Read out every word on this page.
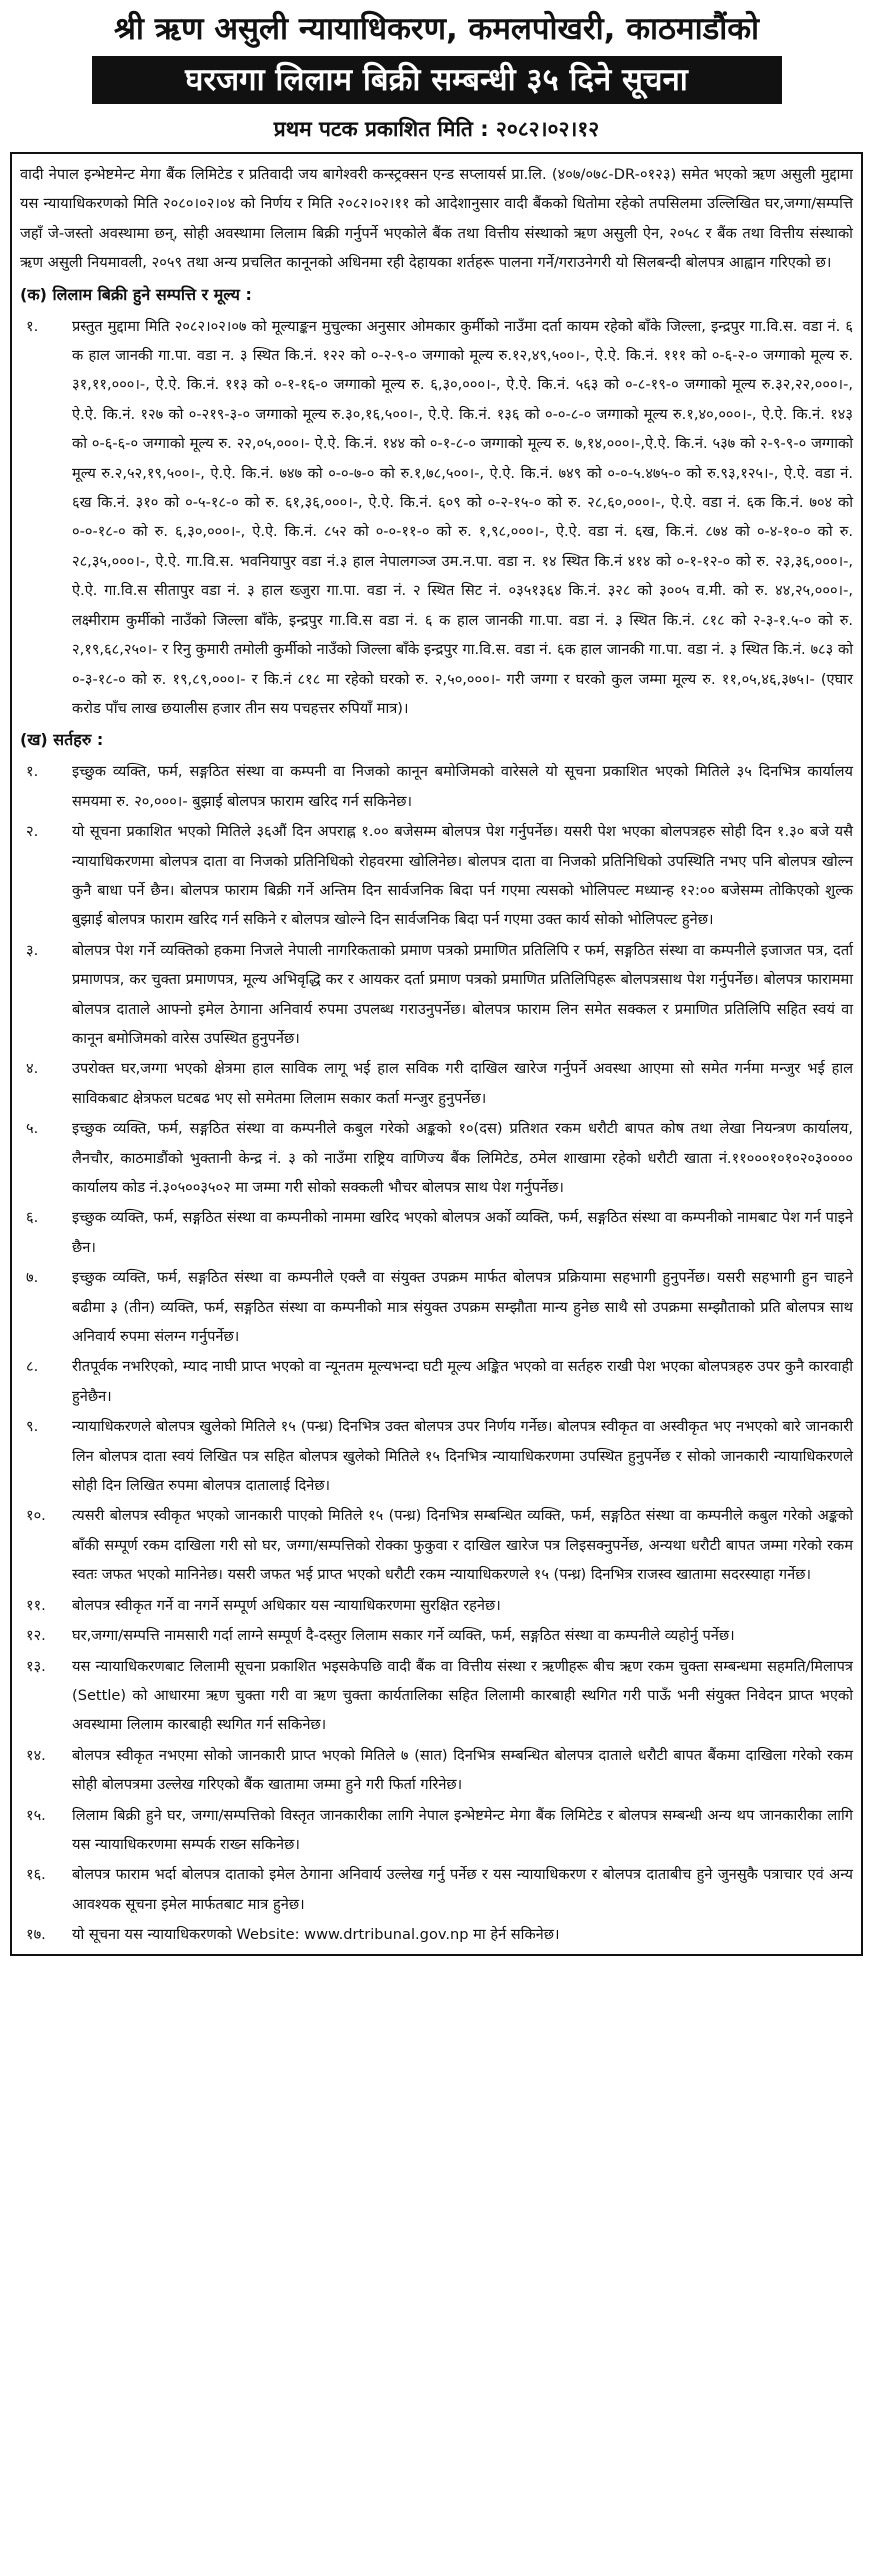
श्री ऋण असुली न्यायाधिकरण, कमलपोखरी, काठमाडौंको
घरजगा लिलाम बिक्री सम्बन्धी ३५ दिने सूचना
प्रथम पटक प्रकाशित मिति : २०८२।०२।१२
वादी नेपाल इन्भेष्टमेन्ट मेगा बैंक लिमिटेड र प्रतिवादी जय बागेश्वरी कन्स्ट्रक्सन एन्ड सप्लायर्स प्रा.लि. (४०७/०७८-DR-०१२३) समेत भएको ऋण असुली मुद्दामा यस न्यायाधिकरणको मिति २०८०।०२।०४ को निर्णय र मिति २०८२।०२।११ को आदेशानुसार वादी बैंकको धितोमा रहेको तपसिलमा उल्लिखित घर,जग्गा/सम्पत्ति जहाँ जे-जस्तो अवस्थामा छन्, सोही अवस्थामा लिलाम बिक्री गर्नुपर्ने भएकोले बैंक तथा वित्तीय संस्थाको ऋण असुली ऐन, २०५८ र बैंक तथा वित्तीय संस्थाको ऋण असुली नियमावली, २०५९ तथा अन्य प्रचलित कानूनको अधिनमा रही देहायका शर्तहरू पालना गर्ने/गराउनेगरी यो सिलबन्दी बोलपत्र आह्वान गरिएको छ।
(क) लिलाम बिक्री हुने सम्पत्ति र मूल्य :
१.	प्रस्तुत मुद्दामा मिति २०८२।०२।०७ को मूल्याङ्कन मुचुल्का अनुसार ओमकार कुर्मीको नाउँमा दर्ता कायम रहेको बाँके जिल्ला, इन्द्रपुर गा.वि.स. वडा नं. ६ क हाल जानकी गा.पा. वडा न. ३ स्थित कि.नं. १२२ को ०-२-९-० जग्गाको मूल्य रु.१२,४९,५००।-, ऐ.ऐ. कि.नं. १११ को ०-६-२-० जग्गाको मूल्य रु. ३१,११,०००।-, ऐ.ऐ. कि.नं. ११३ को ०-१-१६-० जग्गाको मूल्य रु. ६,३०,०००।-, ऐ.ऐ. कि.नं. ५६३ को ०-८-१९-० जग्गाको मूल्य रु.३२,२२,०००।-, ऐ.ऐ. कि.नं. १२७ को ०-२१९-३-० जग्गाको मूल्य रु.३०,१६,५००।-, ऐ.ऐ. कि.नं. १३६ को ०-०-८-० जग्गाको मूल्य रु.१,४०,०००।-, ऐ.ऐ. कि.नं. १४३ को ०-६-६-० जग्गाको मूल्य रु. २२,०५,०००।- ऐ.ऐ. कि.नं. १४४ को ०-१-८-० जग्गाको मूल्य रु. ७,१४,०००।-,ऐ.ऐ. कि.नं. ५३७ को २-९-९-० जग्गाको मूल्य रु.२,५२,१९,५००।-, ऐ.ऐ. कि.नं. ७४७ को ०-०-७-० को रु.१,७८,५००।-, ऐ.ऐ. कि.नं. ७४९ को ०-०-५.४७५-० को रु.९३,१२५।-, ऐ.ऐ. वडा नं. ६ख कि.नं. ३१० को ०-५-१८-० को रु. ६१,३६,०००।-, ऐ.ऐ. कि.नं. ६०९ को ०-२-१५-० को रु. २८,६०,०००।-, ऐ.ऐ. वडा नं. ६क कि.नं. ७०४ को ०-०-१८-० को रु. ६,३०,०००।-, ऐ.ऐ. कि.नं. ८५२ को ०-०-११-० को रु. १,९८,०००।-, ऐ.ऐ. वडा नं. ६ख, कि.नं. ८७४ को ०-४-१०-० को रु. २८,३५,०००।-, ऐ.ऐ. गा.वि.स. भवनियापुर वडा नं.३ हाल नेपालगञ्ज उम.न.पा. वडा न. १४ स्थित कि.नं ४१४ को ०-१-१२-० को रु. २३,३६,०००।-, ऐ.ऐ. गा.वि.स सीतापुर वडा नं. ३ हाल ख्जुरा गा.पा. वडा नं. २ स्थित सिट नं. ०३५१३६४ कि.नं. ३२८ को ३००५ व.मी. को रु. ४४,२५,०००।-, लक्ष्मीराम कुर्मीको नाउँको जिल्ला बाँके, इन्द्रपुर गा.वि.स वडा नं. ६ क हाल जानकी गा.पा. वडा नं. ३ स्थित कि.नं. ८१८ को २-३-१.५-० को रु. २,१९,६८,२५०।- र रिनु कुमारी तमोली कुर्मीको नाउँको जिल्ला बाँके इन्द्रपुर गा.वि.स. वडा नं. ६क हाल जानकी गा.पा. वडा नं. ३ स्थित कि.नं. ७८३ को ०-३-१८-० को रु. १९,८९,०००।- र कि.नं ८१८ मा रहेको घरको रु. २,५०,०००।- गरी जग्गा र घरको कुल जम्मा मूल्य रु. ११,०५,४६,३७५।- (एघार करोड पाँच लाख छयालीस हजार तीन सय पचहत्तर रुपियाँ मात्र)।
(ख) सर्तहरु :
१.	इच्छुक व्यक्ति, फर्म, सङ्गठित संस्था वा कम्पनी वा निजको कानून बमोजिमको वारेसले यो सूचना प्रकाशित भएको मितिले ३५ दिनभित्र कार्यालय समयमा रु. २०,०००।- बुझाई बोलपत्र फाराम खरिद गर्न सकिनेछ।
२.	यो सूचना प्रकाशित भएको मितिले ३६औं दिन अपराह्न १.०० बजेसम्म बोलपत्र पेश गर्नुपर्नेछ। यसरी पेश भएका बोलपत्रहरु सोही दिन १.३० बजे यसै न्यायाधिकरणमा बोलपत्र दाता वा निजको प्रतिनिधिको रोहवरमा खोलिनेछ। बोलपत्र दाता वा निजको प्रतिनिधिको उपस्थिति नभए पनि बोलपत्र खोल्न कुनै बाधा पर्ने छैन। बोलपत्र फाराम बिक्री गर्ने अन्तिम दिन सार्वजनिक बिदा पर्न गएमा त्यसको भोलिपल्ट मध्यान्ह १२:०० बजेसम्म तोकिएको शुल्क बुझाई बोलपत्र फाराम खरिद गर्न सकिने र बोलपत्र खोल्ने दिन सार्वजनिक बिदा पर्न गएमा उक्त कार्य सोको भोलिपल्ट हुनेछ।
३.	बोलपत्र पेश गर्ने व्यक्तिको हकमा निजले नेपाली नागरिकताको प्रमाण पत्रको प्रमाणित प्रतिलिपि र फर्म, सङ्गठित संस्था वा कम्पनीले इजाजत पत्र, दर्ता प्रमाणपत्र, कर चुक्ता प्रमाणपत्र, मूल्य अभिवृद्धि कर र आयकर दर्ता प्रमाण पत्रको प्रमाणित प्रतिलिपिहरू बोलपत्रसाथ पेश गर्नुपर्नेछ। बोलपत्र फाराममा बोलपत्र दाताले आफ्नो इमेल ठेगाना अनिवार्य रुपमा उपलब्ध गराउनुपर्नेछ। बोलपत्र फाराम लिन समेत सक्कल र प्रमाणित प्रतिलिपि सहित स्वयं वा कानून बमोजिमको वारेस उपस्थित हुनुपर्नेछ।
४.	उपरोक्त घर,जग्गा भएको क्षेत्रमा हाल साविक लागू भई हाल सविक गरी दाखिल खारेज गर्नुपर्ने अवस्था आएमा सो समेत गर्नमा मन्जुर भई हाल साविकबाट क्षेत्रफल घटबढ भए सो समेतमा लिलाम सकार कर्ता मन्जुर हुनुपर्नेछ।
५.	इच्छुक व्यक्ति, फर्म, सङ्गठित संस्था वा कम्पनीले कबुल गरेको अङ्कको १०(दस) प्रतिशत रकम धरौटी बापत कोष तथा लेखा नियन्त्रण कार्यालय, लैनचौर, काठमाडौंको भुक्तानी केन्द्र नं. ३ को नाउँमा राष्ट्रिय वाणिज्य बैंक लिमिटेड, ठमेल शाखामा रहेको धरौटी खाता नं.११०००१०१०२०३०००० कार्यालय कोड नं.३०५००३५०२ मा जम्मा गरी सोको सक्कली भौचर बोलपत्र साथ पेश गर्नुपर्नेछ।
६.	इच्छुक व्यक्ति, फर्म, सङ्गठित संस्था वा कम्पनीको नाममा खरिद भएको बोलपत्र अर्को व्यक्ति, फर्म, सङ्गठित संस्था वा कम्पनीको नामबाट पेश गर्न पाइने छैन।
७.	इच्छुक व्यक्ति, फर्म, सङ्गठित संस्था वा कम्पनीले एक्लै वा संयुक्त उपक्रम मार्फत बोलपत्र प्रक्रियामा सहभागी हुनुपर्नेछ। यसरी सहभागी हुन चाहने बढीमा ३ (तीन) व्यक्ति, फर्म, सङ्गठित संस्था वा कम्पनीको मात्र संयुक्त उपक्रम सम्झौता मान्य हुनेछ साथै सो उपक्रमा सम्झौताको प्रति बोलपत्र साथ अनिवार्य रुपमा संलग्न गर्नुपर्नेछ।
८.	रीतपूर्वक नभरिएको, म्याद नाघी प्राप्त भएको वा न्यूनतम मूल्यभन्दा घटी मूल्य अङ्कित भएको वा सर्तहरु राखी पेश भएका बोलपत्रहरु उपर कुनै कारवाही हुनेछैन।
९.	न्यायाधिकरणले बोलपत्र खुलेको मितिले १५ (पन्ध्र) दिनभित्र उक्त बोलपत्र उपर निर्णय गर्नेछ। बोलपत्र स्वीकृत वा अस्वीकृत भए नभएको बारे जानकारी लिन बोलपत्र दाता स्वयं लिखित पत्र सहित बोलपत्र खुलेको मितिले १५ दिनभित्र न्यायाधिकरणमा उपस्थित हुनुपर्नेछ र सोको जानकारी न्यायाधिकरणले सोही दिन लिखित रुपमा बोलपत्र दातालाई दिनेछ।
१०.	त्यसरी बोलपत्र स्वीकृत भएको जानकारी पाएको मितिले १५ (पन्ध्र) दिनभित्र सम्बन्धित व्यक्ति, फर्म, सङ्गठित संस्था वा कम्पनीले कबुल गरेको अङ्कको बाँकी सम्पूर्ण रकम दाखिला गरी सो घर, जग्गा/सम्पत्तिको रोक्का फुकुवा र दाखिल खारेज पत्र लिइसक्नुपर्नेछ, अन्यथा धरौटी बापत जम्मा गरेको रकम स्वतः जफत भएको मानिनेछ। यसरी जफत भई प्राप्त भएको धरौटी रकम न्यायाधिकरणले १५ (पन्ध्र) दिनभित्र राजस्व खातामा सदरस्याहा गर्नेछ।
११.	बोलपत्र स्वीकृत गर्ने वा नगर्ने सम्पूर्ण अधिकार यस न्यायाधिकरणमा सुरक्षित रहनेछ।
१२.	घर,जग्गा/सम्पत्ति नामसारी गर्दा लाग्ने सम्पूर्ण दै-दस्तुर लिलाम सकार गर्ने व्यक्ति, फर्म, सङ्गठित संस्था वा कम्पनीले व्यहोर्नु पर्नेछ।
१३.	यस न्यायाधिकरणबाट लिलामी सूचना प्रकाशित भइसकेपछि वादी बैंक वा वित्तीय संस्था र ऋणीहरू बीच ऋण रकम चुक्ता सम्बन्धमा सहमति/मिलापत्र (Settle) को आधारमा ऋण चुक्ता गरी वा ऋण चुक्ता कार्यतालिका सहित लिलामी कारबाही स्थगित गरी पाऊँ भनी संयुक्त निवेदन प्राप्त भएको अवस्थामा लिलाम कारबाही स्थगित गर्न सकिनेछ।
१४.	बोलपत्र स्वीकृत नभएमा सोको जानकारी प्राप्त भएको मितिले ७ (सात) दिनभित्र सम्बन्धित बोलपत्र दाताले धरौटी बापत बैंकमा दाखिला गरेको रकम सोही बोलपत्रमा उल्लेख गरिएको बैंक खातामा जम्मा हुने गरी फिर्ता गरिनेछ।
१५.	लिलाम बिक्री हुने घर, जग्गा/सम्पत्तिको विस्तृत जानकारीका लागि नेपाल इन्भेष्टमेन्ट मेगा बैंक लिमिटेड र बोलपत्र सम्बन्धी अन्य थप जानकारीका लागि यस न्यायाधिकरणमा सम्पर्क राख्न सकिनेछ।
१६.	बोलपत्र फाराम भर्दा बोलपत्र दाताको इमेल ठेगाना अनिवार्य उल्लेख गर्नु पर्नेछ र यस न्यायाधिकरण र बोलपत्र दाताबीच हुने जुनसुकै पत्राचार एवं अन्य आवश्यक सूचना इमेल मार्फतबाट मात्र हुनेछ।
१७.	यो सूचना यस न्यायाधिकरणको Website: www.drtribunal.gov.np मा हेर्न सकिनेछ।
